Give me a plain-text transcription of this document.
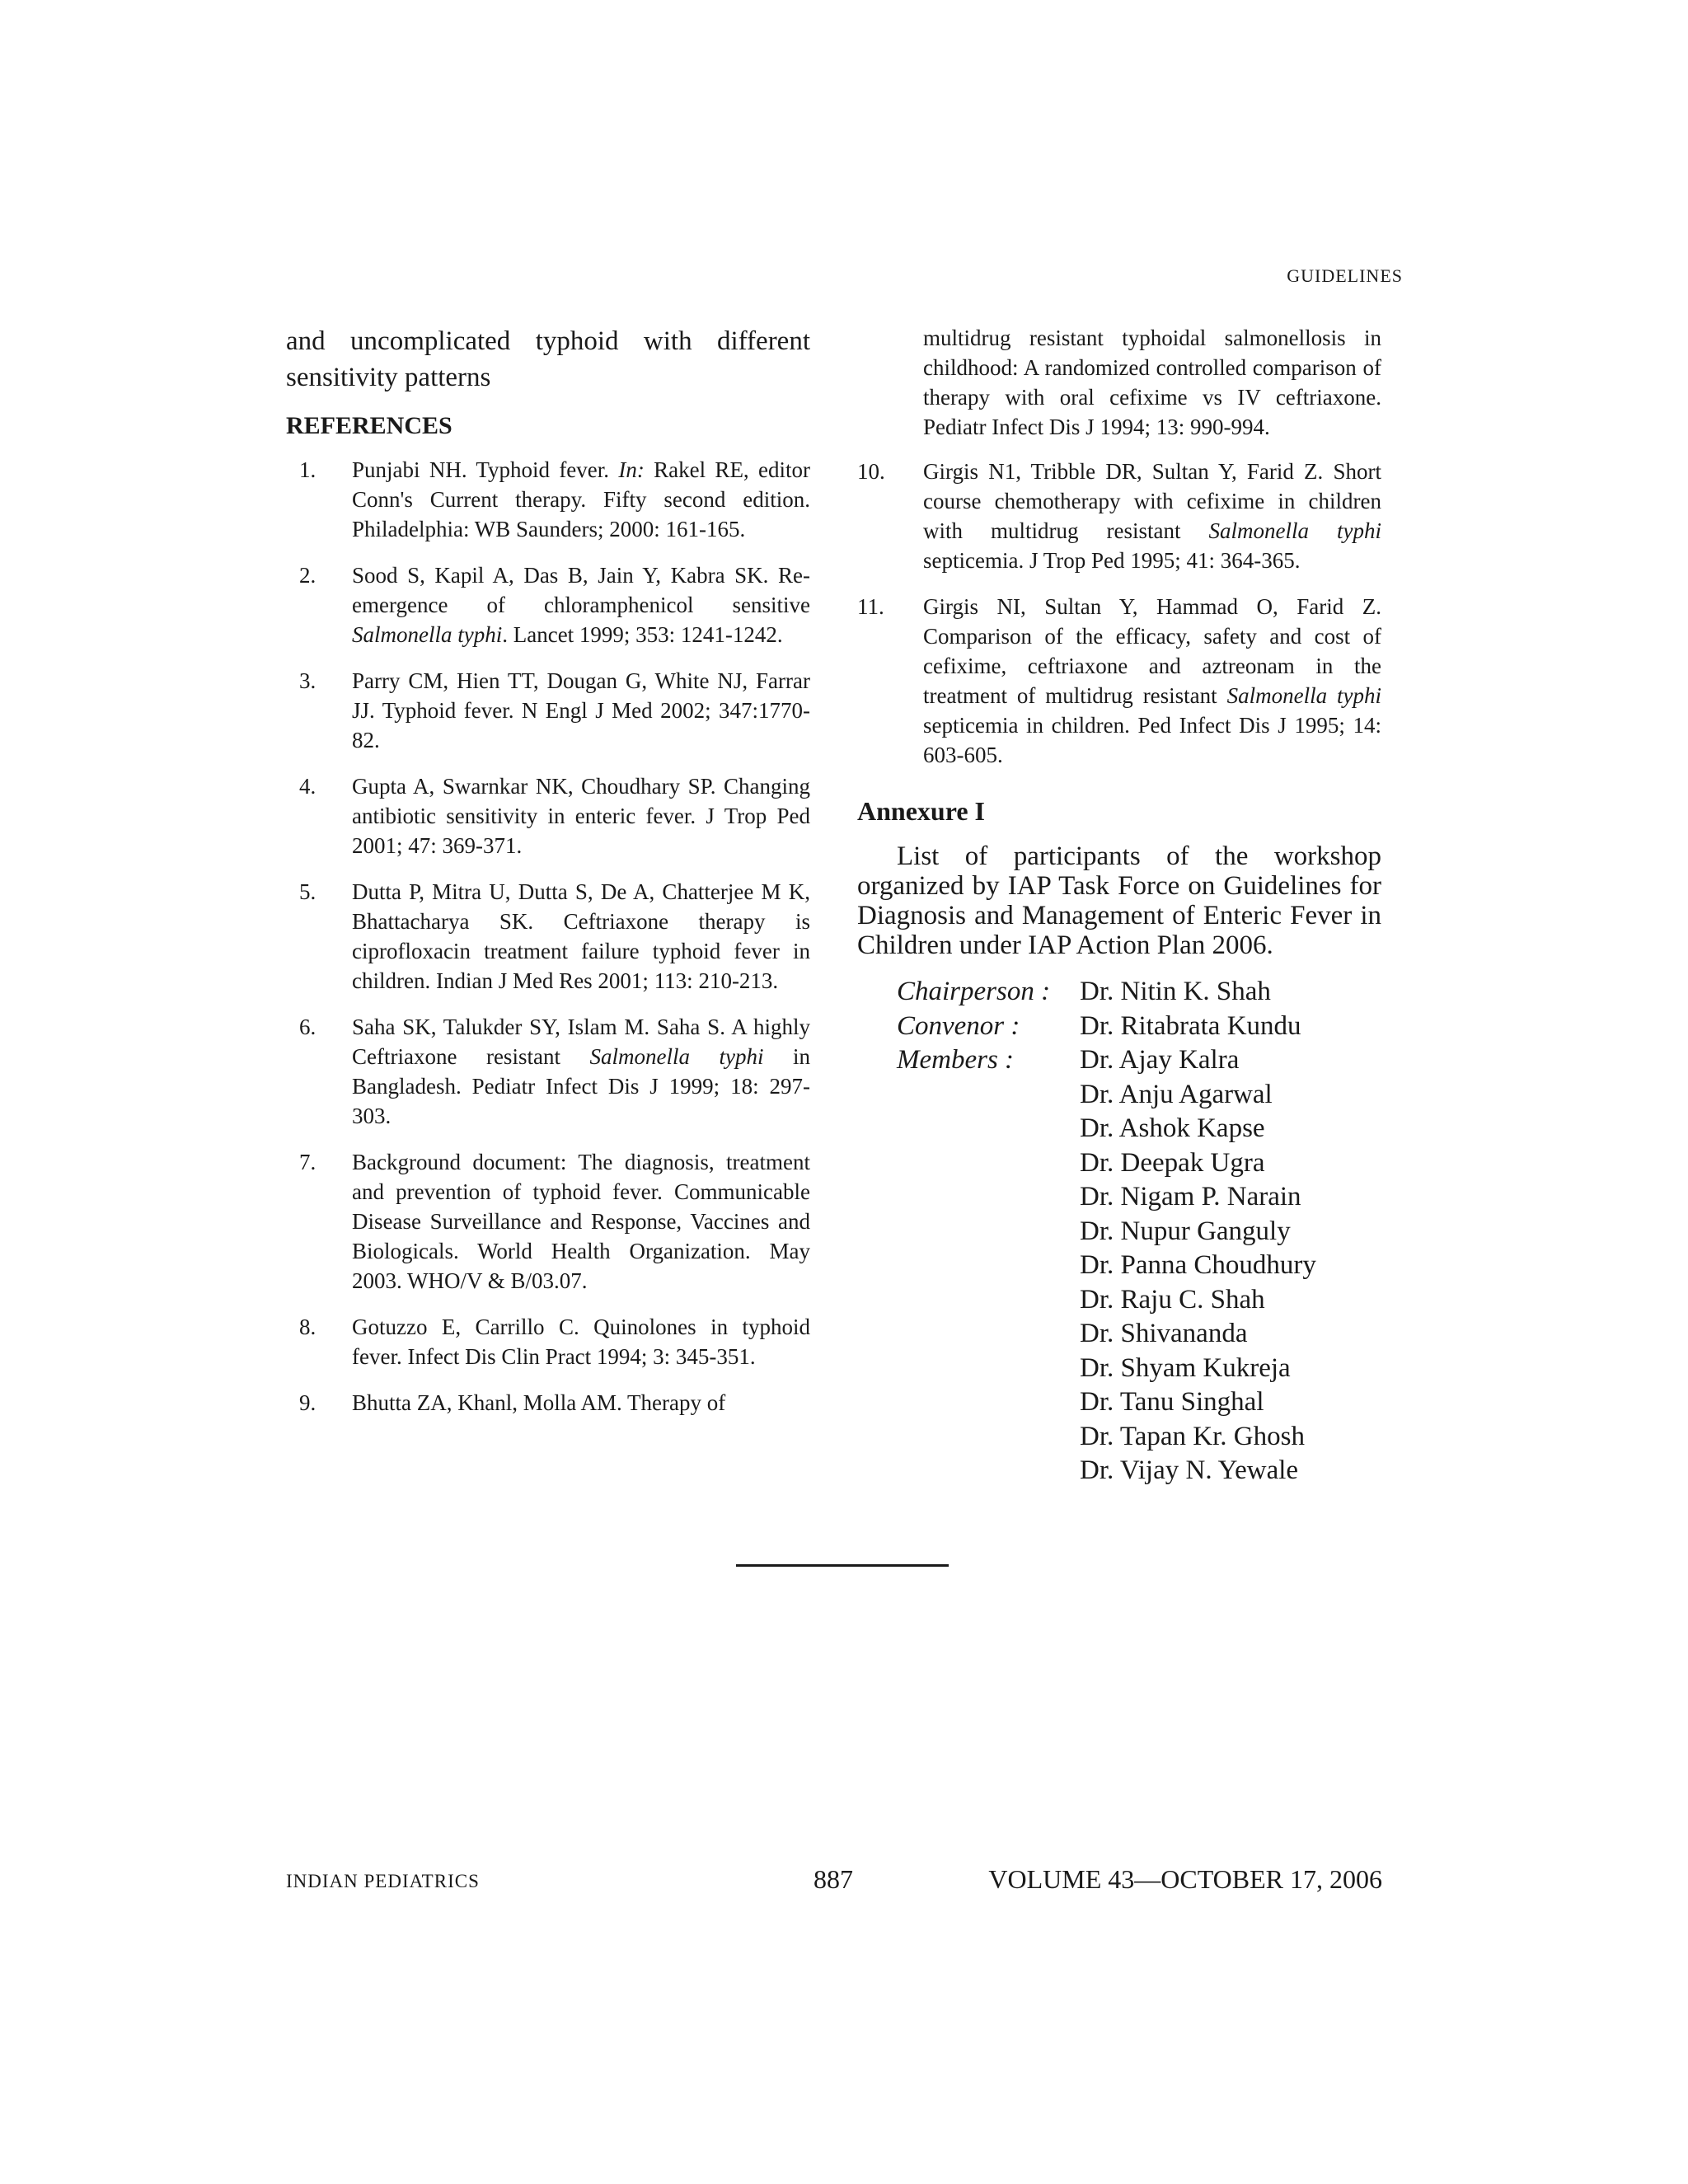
GUIDELINES

and uncomplicated typhoid with different sensitivity patterns

REFERENCES
1. Punjabi NH. Typhoid fever. In: Rakel RE, editor Conn's Current therapy. Fifty second edition. Philadelphia: WB Saunders; 2000: 161-165.
2. Sood S, Kapil A, Das B, Jain Y, Kabra SK. Re-emergence of chloramphenicol sensitive Salmonella typhi. Lancet 1999; 353: 1241-1242.
3. Parry CM, Hien TT, Dougan G, White NJ, Farrar JJ. Typhoid fever. N Engl J Med 2002; 347:1770-82.
4. Gupta A, Swarnkar NK, Choudhary SP. Changing antibiotic sensitivity in enteric fever. J Trop Ped 2001; 47: 369-371.
5. Dutta P, Mitra U, Dutta S, De A, Chatterjee M K, Bhattacharya SK. Ceftriaxone therapy is ciprofloxacin treatment failure typhoid fever in children. Indian J Med Res 2001; 113: 210-213.
6. Saha SK, Talukder SY, Islam M. Saha S. A highly Ceftriaxone resistant Salmonella typhi in Bangladesh. Pediatr Infect Dis J 1999; 18: 297-303.
7. Background document: The diagnosis, treatment and prevention of typhoid fever. Communicable Disease Surveillance and Response, Vaccines and Biologicals. World Health Organization. May 2003. WHO/V & B/03.07.
8. Gotuzzo E, Carrillo C. Quinolones in typhoid fever. Infect Dis Clin Pract 1994; 3: 345-351.
9. Bhutta ZA, Khanl, Molla AM. Therapy of
multidrug resistant typhoidal salmonellosis in childhood: A randomized controlled comparison of therapy with oral cefixime vs IV ceftriaxone. Pediatr Infect Dis J 1994; 13: 990-994.
10. Girgis N1, Tribble DR, Sultan Y, Farid Z. Short course chemotherapy with cefixime in children with multidrug resistant Salmonella typhi septicemia. J Trop Ped 1995; 41: 364-365.
11. Girgis NI, Sultan Y, Hammad O, Farid Z. Comparison of the efficacy, safety and cost of cefixime, ceftriaxone and aztreonam in the treatment of multidrug resistant Salmonella typhi septicemia in children. Ped Infect Dis J 1995; 14: 603-605.
Annexure I

List of participants of the workshop organized by IAP Task Force on Guidelines for Diagnosis and Management of Enteric Fever in Children under IAP Action Plan 2006.

Chairperson :	Dr. Nitin K. Shah
Convenor :	Dr. Ritabrata Kundu
Members :	Dr. Ajay Kalra
Dr. Anju Agarwal
Dr. Ashok Kapse
Dr. Deepak Ugra
Dr. Nigam P. Narain
Dr. Nupur Ganguly
Dr. Panna Choudhury
Dr. Raju C. Shah
Dr. Shivananda
Dr. Shyam Kukreja
Dr. Tanu Singhal
Dr. Tapan Kr. Ghosh
Dr. Vijay N. Yewale
INDIAN PEDIATRICS	887	VOLUME 43—OCTOBER 17, 2006
